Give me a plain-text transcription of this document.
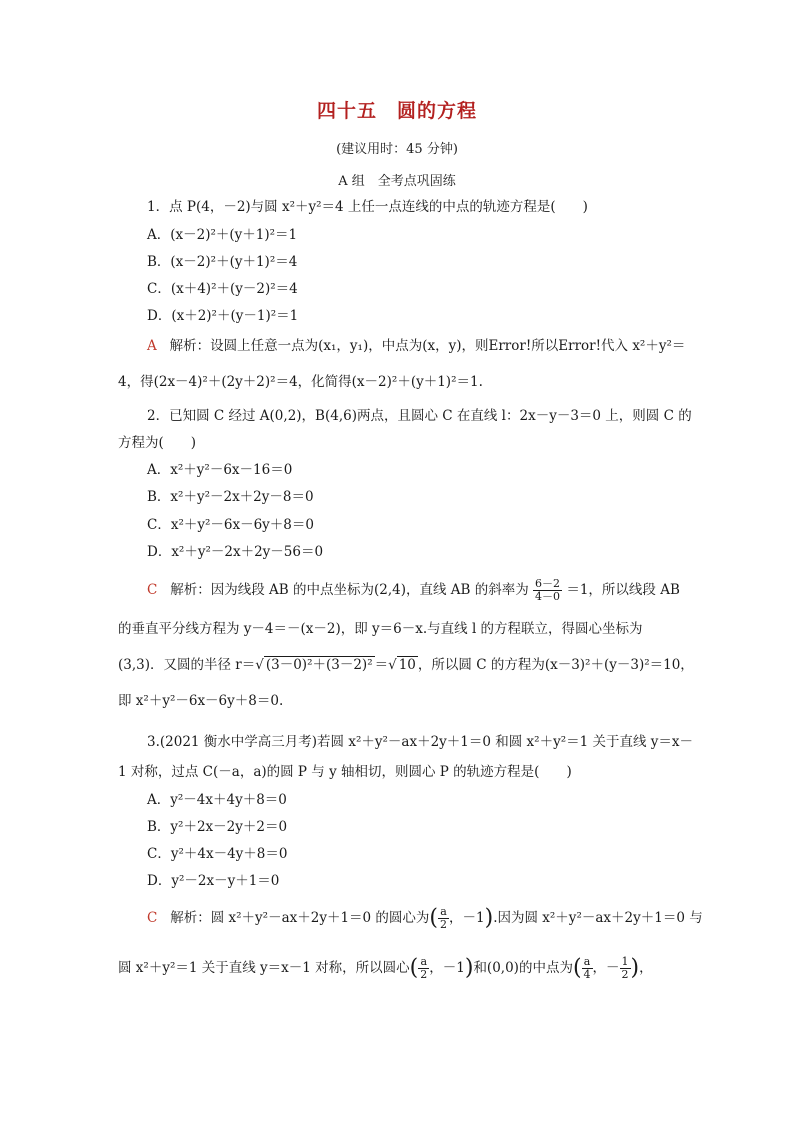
四十五　圆的方程
(建议用时：45 分钟)
A 组　全考点巩固练
1．点 P(4，－2)与圆 x²＋y²＝4 上任一点连线的中点的轨迹方程是(　　)
A．(x－2)²＋(y＋1)²＝1
B．(x－2)²＋(y＋1)²＝4
C．(x＋4)²＋(y－2)²＝4
D．(x＋2)²＋(y－1)²＝1
A 解析：设圆上任意一点为(x₁，y₁)，中点为(x，y)，则Error!所以Error!代入 x²＋y²＝
4，得(2x－4)²＋(2y＋2)²＝4，化简得(x－2)²＋(y＋1)²＝1.
2．已知圆 C 经过 A(0,2)，B(4,6)两点，且圆心 C 在直线 l：2x－y－3＝0 上，则圆 C 的
方程为(　　)
A．x²＋y²－6x－16＝0
B．x²＋y²－2x＋2y－8＝0
C．x²＋y²－6x－6y＋8＝0
D．x²＋y²－2x＋2y－56＝0
C 解析：因为线段 AB 的中点坐标为(2,4)，直线 AB 的斜率为 $\frac{6-2}{4-0} =1$，所以线段 AB
的垂直平分线方程为 y－4＝－(x－2)，即 y＝6－x.与直线 l 的方程联立，得圆心坐标为
(3,3)．又圆的半径 r＝√ (3－0)²＋(3－2)² ＝√ 10 ，所以圆 C 的方程为(x－3)²＋(y－3)²＝10，
即 x²＋y²－6x－6y＋8＝0.
3.(2021 衡水中学高三月考)若圆 x²＋y²－ax＋2y＋1＝0 和圆 x²＋y²＝1 关于直线 y＝x－
1 对称，过点 C(－a，a)的圆 P 与 y 轴相切，则圆心 P 的轨迹方程是(　　)
A．y²－4x＋4y＋8＝0
B．y²＋2x－2y＋2＝0
C．y²＋4x－4y＋8＝0
D．y²－2x－y＋1＝0
C 解析：圆 x²＋y²－ax＋2y＋1＝0 的圆心为( $\frac{a}{2}$ ，－1).因为圆 x²＋y²－ax＋2y＋1＝0 与
圆 x²＋y²＝1 关于直线 y＝x－1 对称，所以圆心( $\frac{a}{2}$ ，－1)和(0,0)的中点为( $\frac{a}{4}$ ，－ $\frac{1}{2}$ )，
